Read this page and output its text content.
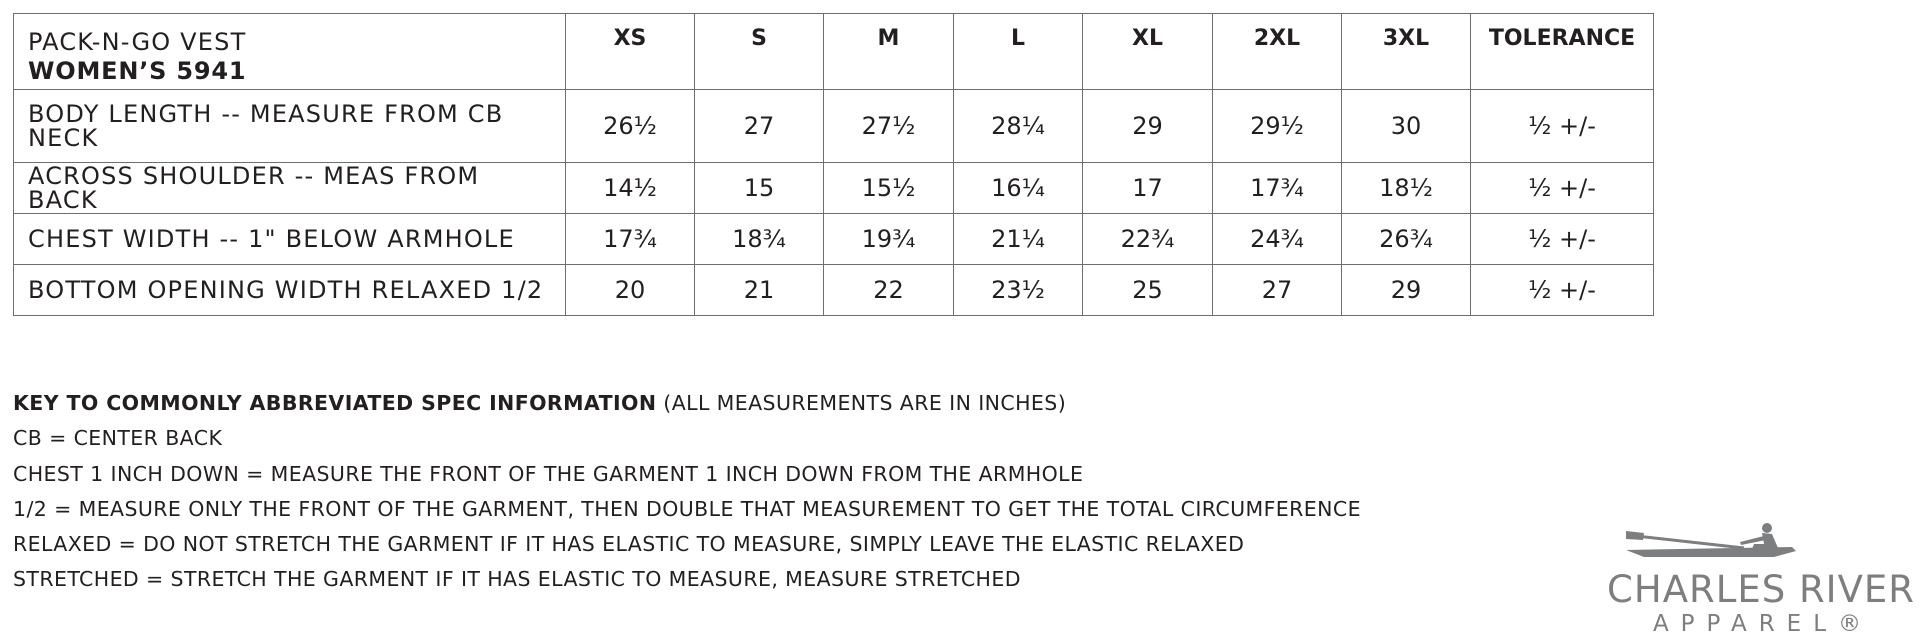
PACK-N-GO VEST
WOMEN’S 5941	XS	S	M	L	XL	2XL	3XL	TOLERANCE
BODY LENGTH -- MEASURE FROM CB NECK	26½	27	27½	28¼	29	29½	30	½ +/-
ACROSS SHOULDER -- MEAS FROM BACK	14½	15	15½	16¼	17	17¾	18½	½ +/-
CHEST WIDTH -- 1" BELOW ARMHOLE	17¾	18¾	19¾	21¼	22¾	24¾	26¾	½ +/-
BOTTOM OPENING WIDTH RELAXED 1/2	20	21	22	23½	25	27	29	½ +/-
KEY TO COMMONLY ABBREVIATED SPEC INFORMATION (ALL MEASUREMENTS ARE IN INCHES)
CB = CENTER BACK
CHEST 1 INCH DOWN = MEASURE THE FRONT OF THE GARMENT 1 INCH DOWN FROM THE ARMHOLE
1/2 = MEASURE ONLY THE FRONT OF THE GARMENT, THEN DOUBLE THAT MEASUREMENT TO GET THE TOTAL CIRCUMFERENCE
RELAXED = DO NOT STRETCH THE GARMENT IF IT HAS ELASTIC TO MEASURE, SIMPLY LEAVE THE ELASTIC RELAXED
STRETCHED = STRETCH THE GARMENT IF IT HAS ELASTIC TO MEASURE, MEASURE STRETCHED	CHARLES RIVER
APPAREL®
